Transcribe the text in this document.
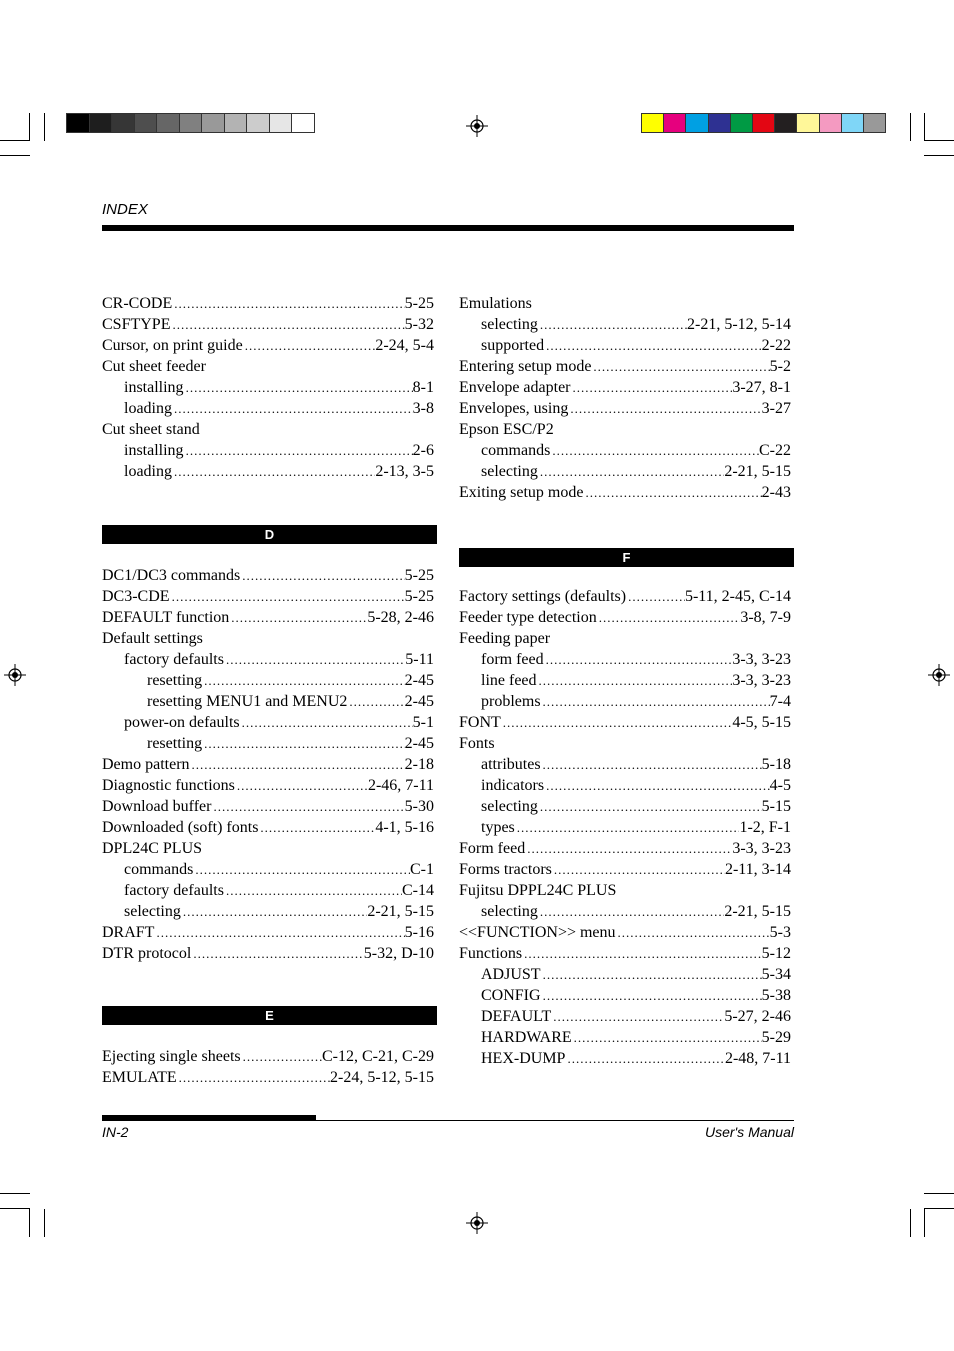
INDEX
CR-CODE .....	5-25
CSFTYPE .....	5-32
Cursor, on print guide .....	2-24, 5-4
Cut sheet feeder
installing .....	8-1
loading .....	3-8
Cut sheet stand
installing .....	2-6
loading .....	2-13, 3-5
D
DC1/DC3 commands .....	5-25
DC3-CDE .....	5-25
DEFAULT function .....	5-28, 2-46
Default settings
factory defaults .....	5-11
resetting .....	2-45
resetting MENU1 and MENU2 .....	2-45
power-on defaults .....	5-1
resetting .....	2-45
Demo pattern .....	2-18
Diagnostic functions .....	2-46, 7-11
Download buffer .....	5-30
Downloaded (soft) fonts .....	4-1, 5-16
DPL24C PLUS
commands .....	C-1
factory defaults .....	C-14
selecting .....	2-21, 5-15
DRAFT .....	5-16
DTR protocol .....	5-32, D-10
E
Ejecting single sheets .....	C-12, C-21, C-29
EMULATE .....	2-24, 5-12, 5-15
Emulations
selecting .....	2-21, 5-12, 5-14
supported .....	2-22
Entering setup mode .....	5-2
Envelope adapter .....	3-27, 8-1
Envelopes, using .....	3-27
Epson ESC/P2
commands .....	C-22
selecting .....	2-21, 5-15
Exiting setup mode .....	2-43
F
Factory settings (defaults) .....	5-11, 2-45, C-14
Feeder type detection .....	3-8, 7-9
Feeding paper
form feed .....	3-3, 3-23
line feed .....	3-3, 3-23
problems .....	7-4
FONT .....	4-5, 5-15
Fonts
attributes .....	5-18
indicators .....	4-5
selecting .....	5-15
types .....	1-2, F-1
Form feed .....	3-3, 3-23
Forms tractors .....	2-11, 3-14
Fujitsu DPPL24C PLUS
selecting .....	2-21, 5-15
<<FUNCTION>> menu .....	5-3
Functions .....	5-12
ADJUST .....	5-34
CONFIG .....	5-38
DEFAULT .....	5-27, 2-46
HARDWARE .....	5-29
HEX-DUMP .....	2-48, 7-11
IN-2	User's Manual
